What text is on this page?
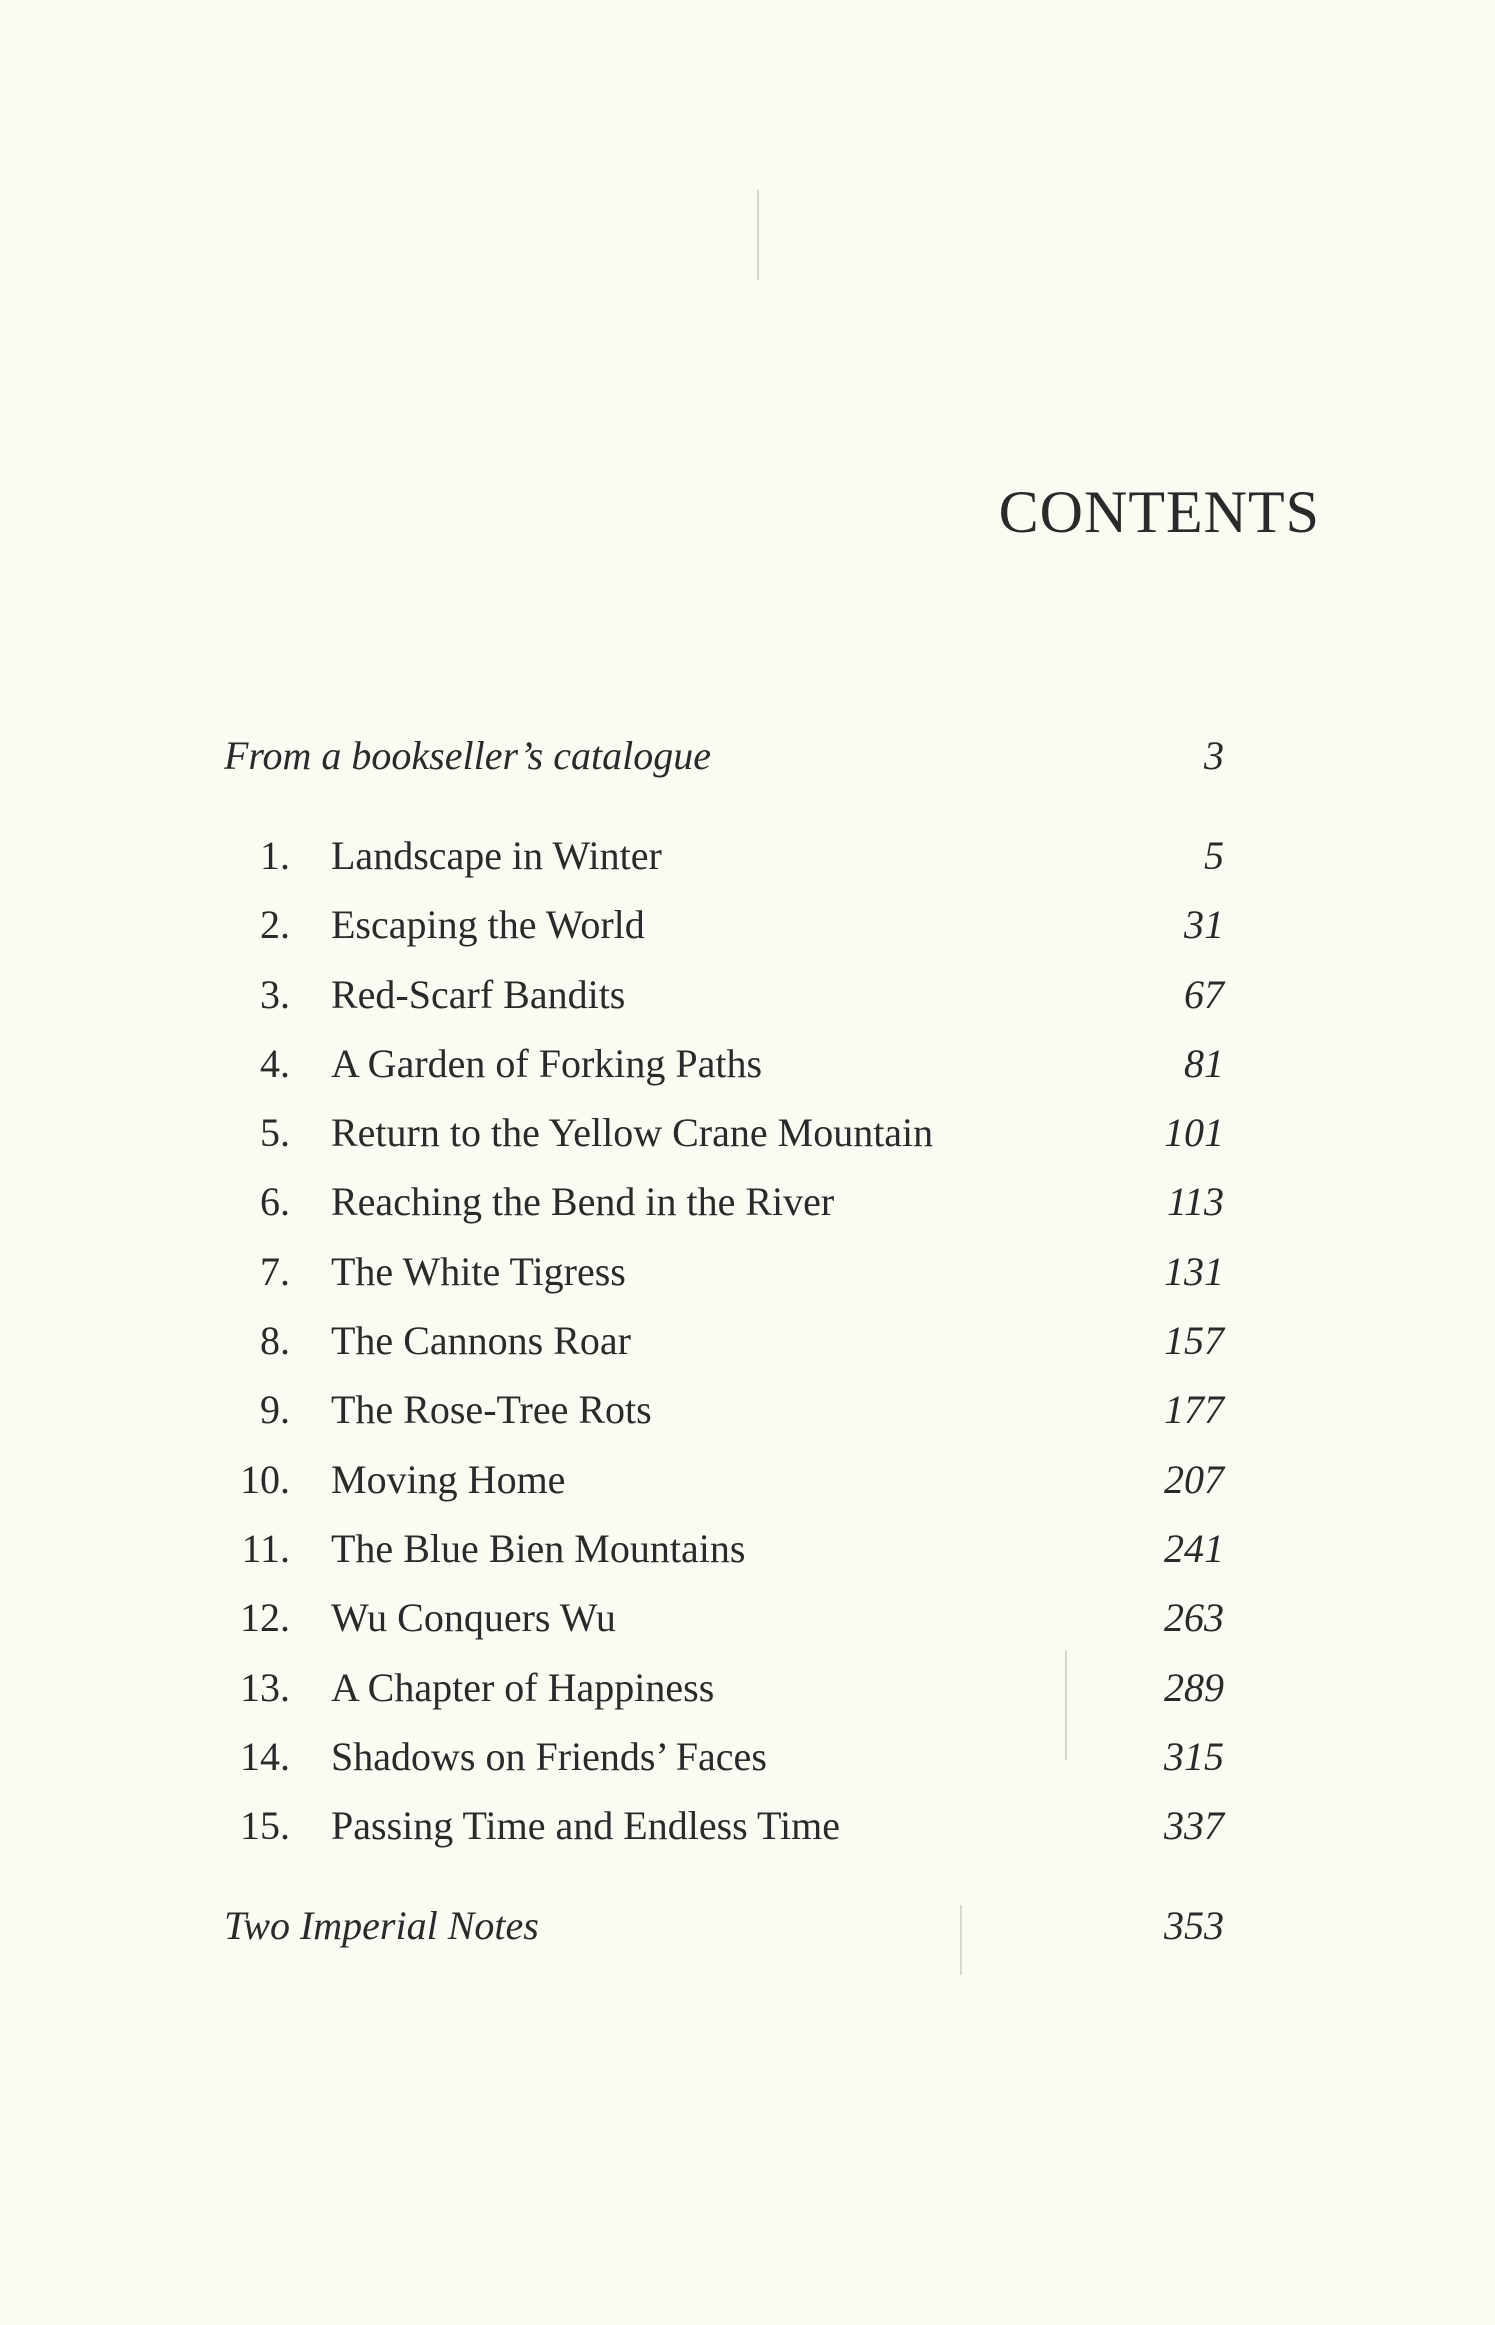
CONTENTS
From a bookseller’s catalogue	3
1. Landscape in Winter	5
2. Escaping the World	31
3. Red-Scarf Bandits	67
4. A Garden of Forking Paths	81
5. Return to the Yellow Crane Mountain	101
6. Reaching the Bend in the River	113
7. The White Tigress	131
8. The Cannons Roar	157
9. The Rose-Tree Rots	177
10. Moving Home	207
11. The Blue Bien Mountains	241
12. Wu Conquers Wu	263
13. A Chapter of Happiness	289
14. Shadows on Friends’ Faces	315
15. Passing Time and Endless Time	337
Two Imperial Notes	353
